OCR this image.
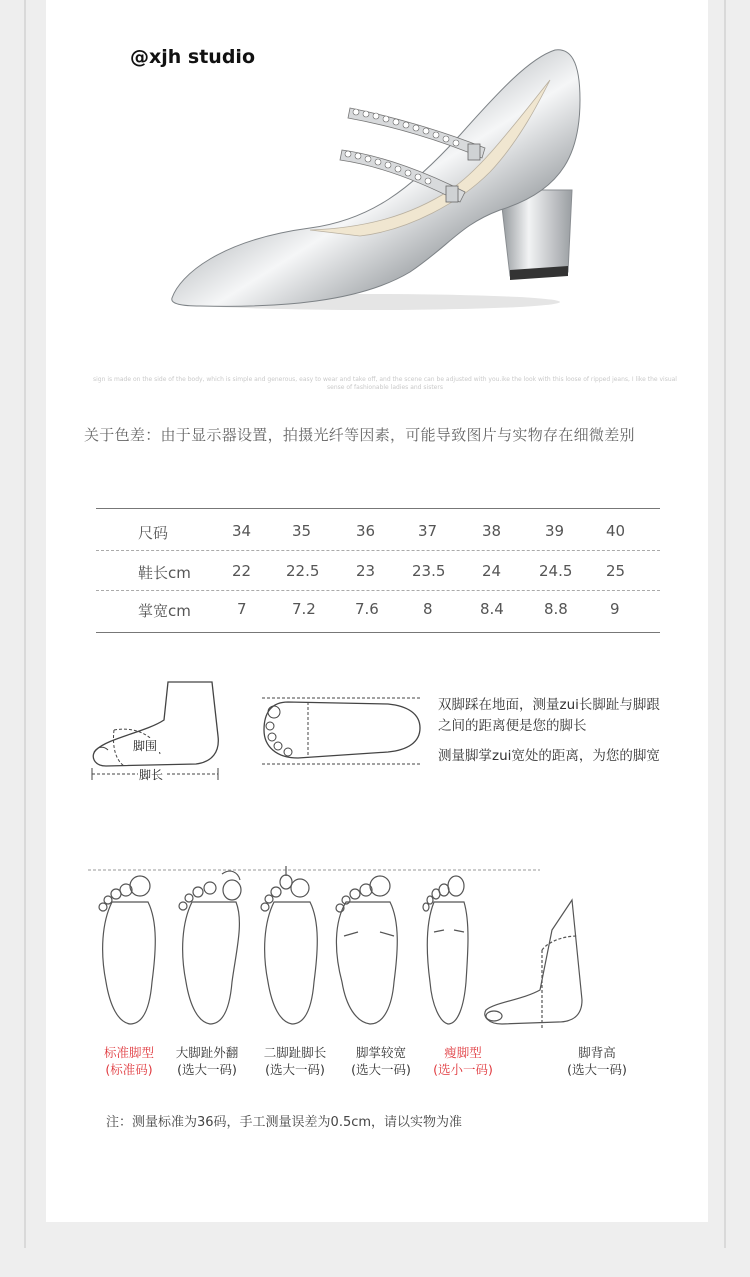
@xjh studio
sign is made on the side of the body, which is simple and generous, easy to wear and take off, and the scene can be adjusted with you.ike the look with this loose of ripped jeans, I like the visual sense of fashionable ladies and sisters
关于色差：由于显示器设置，拍摄光纤等因素，可能导致图片与实物存在细微差别
尺码	34	35	36	37	38	39	40
鞋长cm	22 22.5 23 23.5 24	24.5 25
掌宽cm	7	7.2	7.6	8	8.4	8.8	9
脚围
脚长
双脚踩在地面，测量zui长脚趾与脚跟
之间的距离便是您的脚长
测量脚掌zui宽处的距离，为您的脚宽
标准脚型
(标准码)
大脚趾外翻
(选大一码)
二脚趾脚长
(选大一码)
脚掌较宽
(选大一码)
瘦脚型
(选小一码)
脚背高
(选大一码)
注：测量标准为36码，手工测量误差为0.5cm，请以实物为准
